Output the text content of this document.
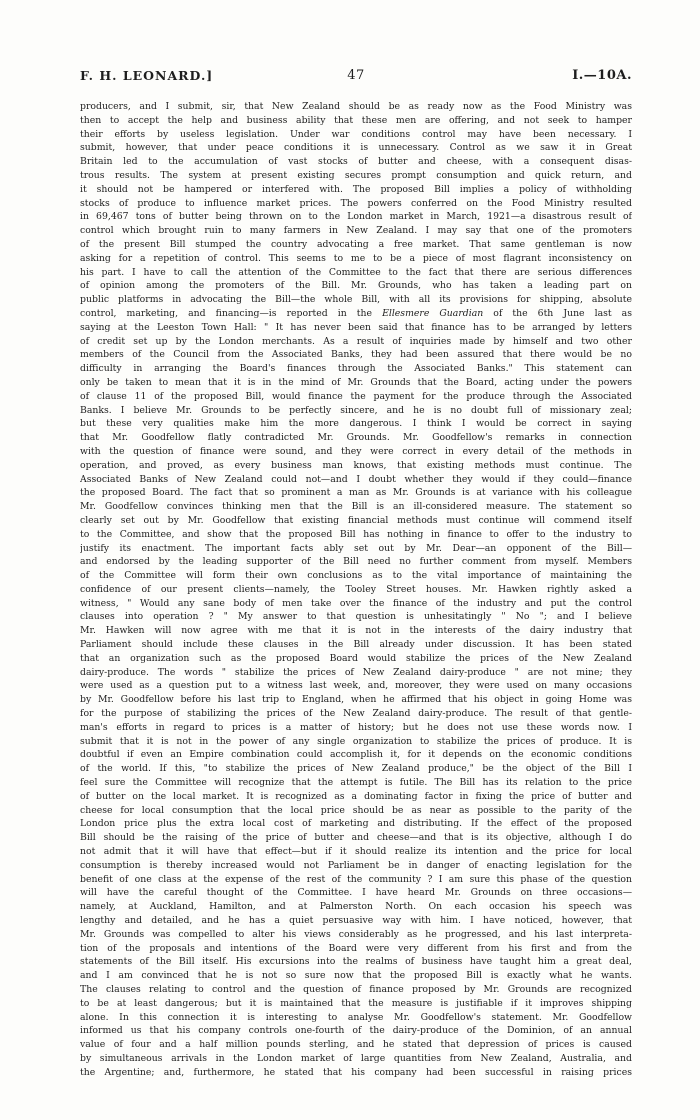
47
F. H. LEONARD.]	I.—10A.
producers, and I submit, sir, that New Zealand should be as ready now as the Food Ministry was
then to accept the help and business ability that these men are offering, and not seek to hamper
their efforts by useless legislation. Under war conditions control may have been necessary. I
submit, however, that under peace conditions it is unnecessary. Control as we saw it in Great
Britain led to the accumulation of vast stocks of butter and cheese, with a consequent disas-
trous results. The system at present existing secures prompt consumption and quick return, and
it should not be hampered or interfered with. The proposed Bill implies a policy of withholding
stocks of produce to influence market prices. The powers conferred on the Food Ministry resulted
in 69,467 tons of butter being thrown on to the London market in March, 1921—a disastrous result of
control which brought ruin to many farmers in New Zealand. I may say that one of the promoters
of the present Bill stumped the country advocating a free market. That same gentleman is now
asking for a repetition of control. This seems to me to be a piece of most flagrant inconsistency on
his part. I have to call the attention of the Committee to the fact that there are serious differences
of opinion among the promoters of the Bill. Mr. Grounds, who has taken a leading part on
public platforms in advocating the Bill—the whole Bill, with all its provisions for shipping, absolute
control, marketing, and financing—is reported in the Ellesmere Guardian of the 6th June last as
saying at the Leeston Town Hall: " It has never been said that finance has to be arranged by letters
of credit set up by the London merchants. As a result of inquiries made by himself and two other
members of the Council from the Associated Banks, they had been assured that there would be no
difficulty in arranging the Board's finances through the Associated Banks." This statement can
only be taken to mean that it is in the mind of Mr. Grounds that the Board, acting under the powers
of clause 11 of the proposed Bill, would finance the payment for the produce through the Associated
Banks. I believe Mr. Grounds to be perfectly sincere, and he is no doubt full of missionary zeal;
but these very qualities make him the more dangerous. I think I would be correct in saying
that Mr. Goodfellow flatly contradicted Mr. Grounds. Mr. Goodfellow's remarks in connection
with the question of finance were sound, and they were correct in every detail of the methods in
operation, and proved, as every business man knows, that existing methods must continue. The
Associated Banks of New Zealand could not—and I doubt whether they would if they could—finance
the proposed Board. The fact that so prominent a man as Mr. Grounds is at variance with his colleague
Mr. Goodfellow convinces thinking men that the Bill is an ill-considered measure. The statement so
clearly set out by Mr. Goodfellow that existing financial methods must continue will commend itself
to the Committee, and show that the proposed Bill has nothing in finance to offer to the industry to
justify its enactment. The important facts ably set out by Mr. Dear—an opponent of the Bill—
and endorsed by the leading supporter of the Bill need no further comment from myself. Members
of the Committee will form their own conclusions as to the vital importance of maintaining the
confidence of our present clients—namely, the Tooley Street houses. Mr. Hawken rightly asked a
witness, " Would any sane body of men take over the finance of the industry and put the control
clauses into operation ? " My answer to that question is unhesitatingly " No "; and I believe
Mr. Hawken will now agree with me that it is not in the interests of the dairy industry that
Parliament should include these clauses in the Bill already under discussion. It has been stated
that an organization such as the proposed Board would stabilize the prices of the New Zealand
dairy-produce. The words " stabilize the prices of New Zealand dairy-produce " are not mine; they
were used as a question put to a witness last week, and, moreover, they were used on many occasions
by Mr. Goodfellow before his last trip to England, when he affirmed that his object in going Home was
for the purpose of stabilizing the prices of the New Zealand dairy-produce. The result of that gentle-
man's efforts in regard to prices is a matter of history; but he does not use these words now. I
submit that it is not in the power of any single organization to stabilize the prices of produce. It is
doubtful if even an Empire combination could accomplish it, for it depends on the economic conditions
of the world. If this, "to stabilize the prices of New Zealand produce," be the object of the Bill I
feel sure the Committee will recognize that the attempt is futile. The Bill has its relation to the price
of butter on the local market. It is recognized as a dominating factor in fixing the price of butter and
cheese for local consumption that the local price should be as near as possible to the parity of the
London price plus the extra local cost of marketing and distributing. If the effect of the proposed
Bill should be the raising of the price of butter and cheese—and that is its objective, although I do
not admit that it will have that effect—but if it should realize its intention and the price for local
consumption is thereby increased would not Parliament be in danger of enacting legislation for the
benefit of one class at the expense of the rest of the community ? I am sure this phase of the question
will have the careful thought of the Committee. I have heard Mr. Grounds on three occasions—
namely, at Auckland, Hamilton, and at Palmerston North. On each occasion his speech was
lengthy and detailed, and he has a quiet persuasive way with him. I have noticed, however, that
Mr. Grounds was compelled to alter his views considerably as he progressed, and his last interpreta-
tion of the proposals and intentions of the Board were very different from his first and from the
statements of the Bill itself. His excursions into the realms of business have taught him a great deal,
and I am convinced that he is not so sure now that the proposed Bill is exactly what he wants.
The clauses relating to control and the question of finance proposed by Mr. Grounds are recognized
to be at least dangerous; but it is maintained that the measure is justifiable if it improves shipping
alone. In this connection it is interesting to analyse Mr. Goodfellow's statement. Mr. Goodfellow
informed us that his company controls one-fourth of the dairy-produce of the Dominion, of an annual
value of four and a half million pounds sterling, and he stated that depression of prices is caused
by simultaneous arrivals in the London market of large quantities from New Zealand, Australia, and
the Argentine; and, furthermore, he stated that his company had been successful in raising prices
